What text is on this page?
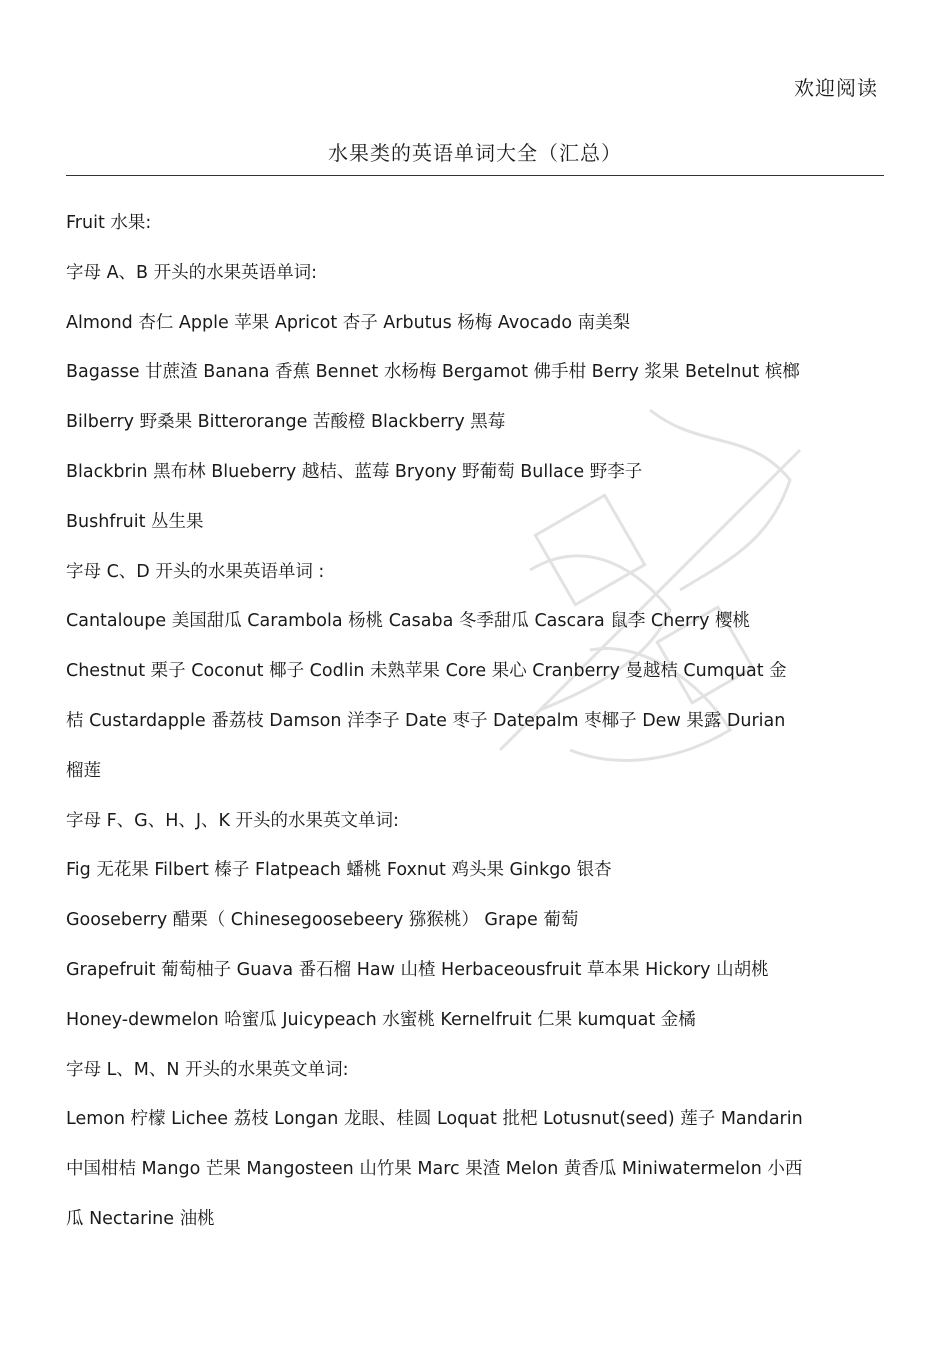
欢迎阅读
水果类的英语单词大全（汇总）
Fruit 水果:
字母 A、B 开头的水果英语单词:
Almond 杏仁 Apple 苹果 Apricot 杏子 Arbutus 杨梅 Avocado 南美梨
Bagasse 甘蔗渣 Banana 香蕉 Bennet 水杨梅 Bergamot 佛手柑 Berry 浆果 Betelnut 槟榔
Bilberry 野桑果 Bitterorange 苦酸橙 Blackberry 黑莓
Blackbrin 黑布林 Blueberry 越桔、蓝莓 Bryony 野葡萄 Bullace 野李子
Bushfruit 丛生果
字母 C、D 开头的水果英语单词 :
Cantaloupe 美国甜瓜 Carambola 杨桃 Casaba 冬季甜瓜 Cascara 鼠李 Cherry 樱桃
Chestnut 栗子 Coconut 椰子 Codlin 未熟苹果 Core 果心 Cranberry 曼越桔 Cumquat 金
桔 Custardapple 番荔枝 Damson 洋李子 Date 枣子 Datepalm 枣椰子 Dew 果露 Durian
榴莲
字母 F、G、H、J、K 开头的水果英文单词:
Fig 无花果 Filbert 榛子 Flatpeach 蟠桃 Foxnut 鸡头果 Ginkgo 银杏
Gooseberry 醋栗（ Chinesegoosebeery 猕猴桃） Grape 葡萄
Grapefruit 葡萄柚子 Guava 番石榴 Haw 山楂 Herbaceousfruit 草本果 Hickory 山胡桃
Honey-dewmelon 哈蜜瓜 Juicypeach 水蜜桃 Kernelfruit 仁果 kumquat 金橘
字母 L、M、N 开头的水果英文单词:
Lemon 柠檬 Lichee 荔枝 Longan 龙眼、桂圆 Loquat 批杷 Lotusnut(seed) 莲子 Mandarin
中国柑桔 Mango 芒果 Mangosteen 山竹果 Marc 果渣 Melon 黄香瓜 Miniwatermelon 小西
瓜 Nectarine 油桃
